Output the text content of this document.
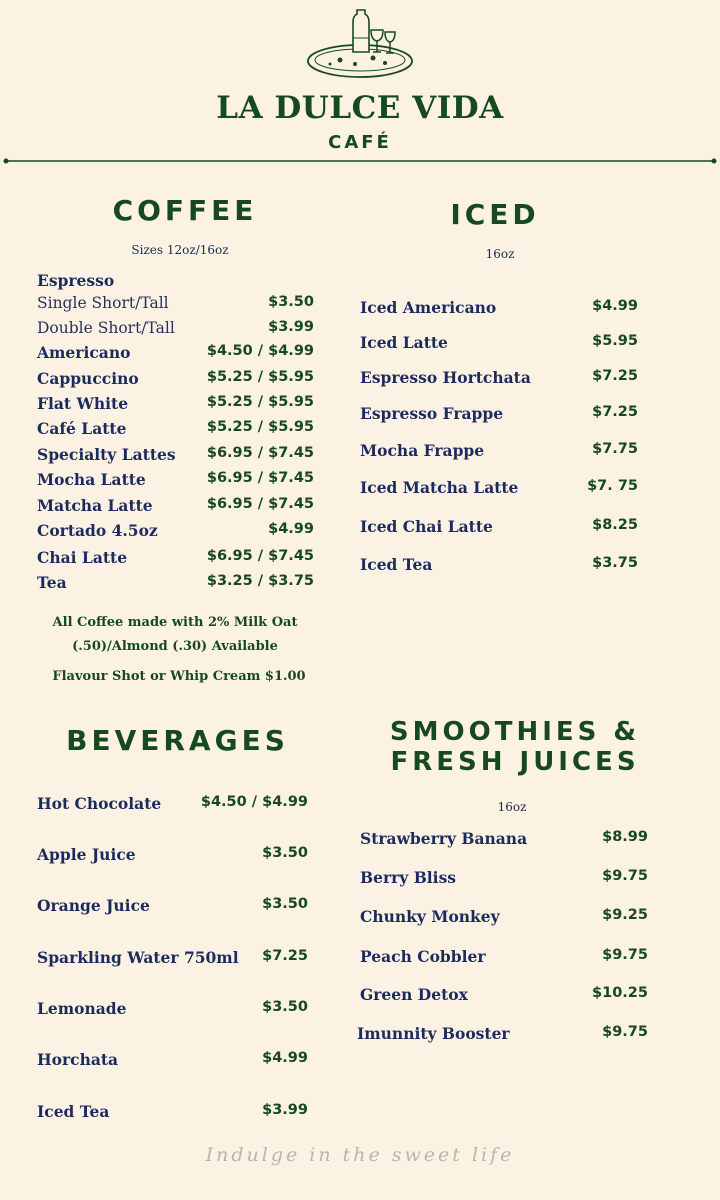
LA DULCE VIDA
CAFÉ
COFFEE
Sizes 12oz/16oz
Espresso
Single Short/Tall	$3.50
Double Short/Tall	$3.99
Americano	$4.50 / $4.99
Cappuccino	$5.25 / $5.95
Flat White	$5.25 / $5.95
Café Latte	$5.25 / $5.95
Specialty Lattes $6.95 / $7.45
Mocha Latte	$6.95 / $7.45
Matcha Latte	$6.95 / $7.45
Cortado 4.5oz	$4.99
Chai Latte	$6.95 / $7.45
Tea	$3.25 / $3.75
All Coffee made with 2% Milk Oat
(.50)/Almond (.30) Available
Flavour Shot or Whip Cream $1.00
ICED
16oz
Iced Americano	$4.99
Iced Latte	$5.95
Espresso Hortchata	$7.25
Espresso Frappe	$7.25
Mocha Frappe	$7.75
Iced Matcha Latte	$7. 75
Iced Chai Latte	$8.25
Iced Tea	$3.75
BEVERAGES
Hot Chocolate	$4.50 / $4.99
Apple Juice	$3.50
Orange Juice	$3.50
Sparkling Water 750ml $7.25
Lemonade	$3.50
Horchata	$4.99
Iced Tea	$3.99
SMOOTHIES &
FRESH JUICES
16oz
Strawberry Banana	$8.99
Berry Bliss	$9.75
Chunky Monkey	$9.25
Peach Cobbler	$9.75
Green Detox	$10.25
Imunnity Booster	$9.75
Indulge in the sweet life
